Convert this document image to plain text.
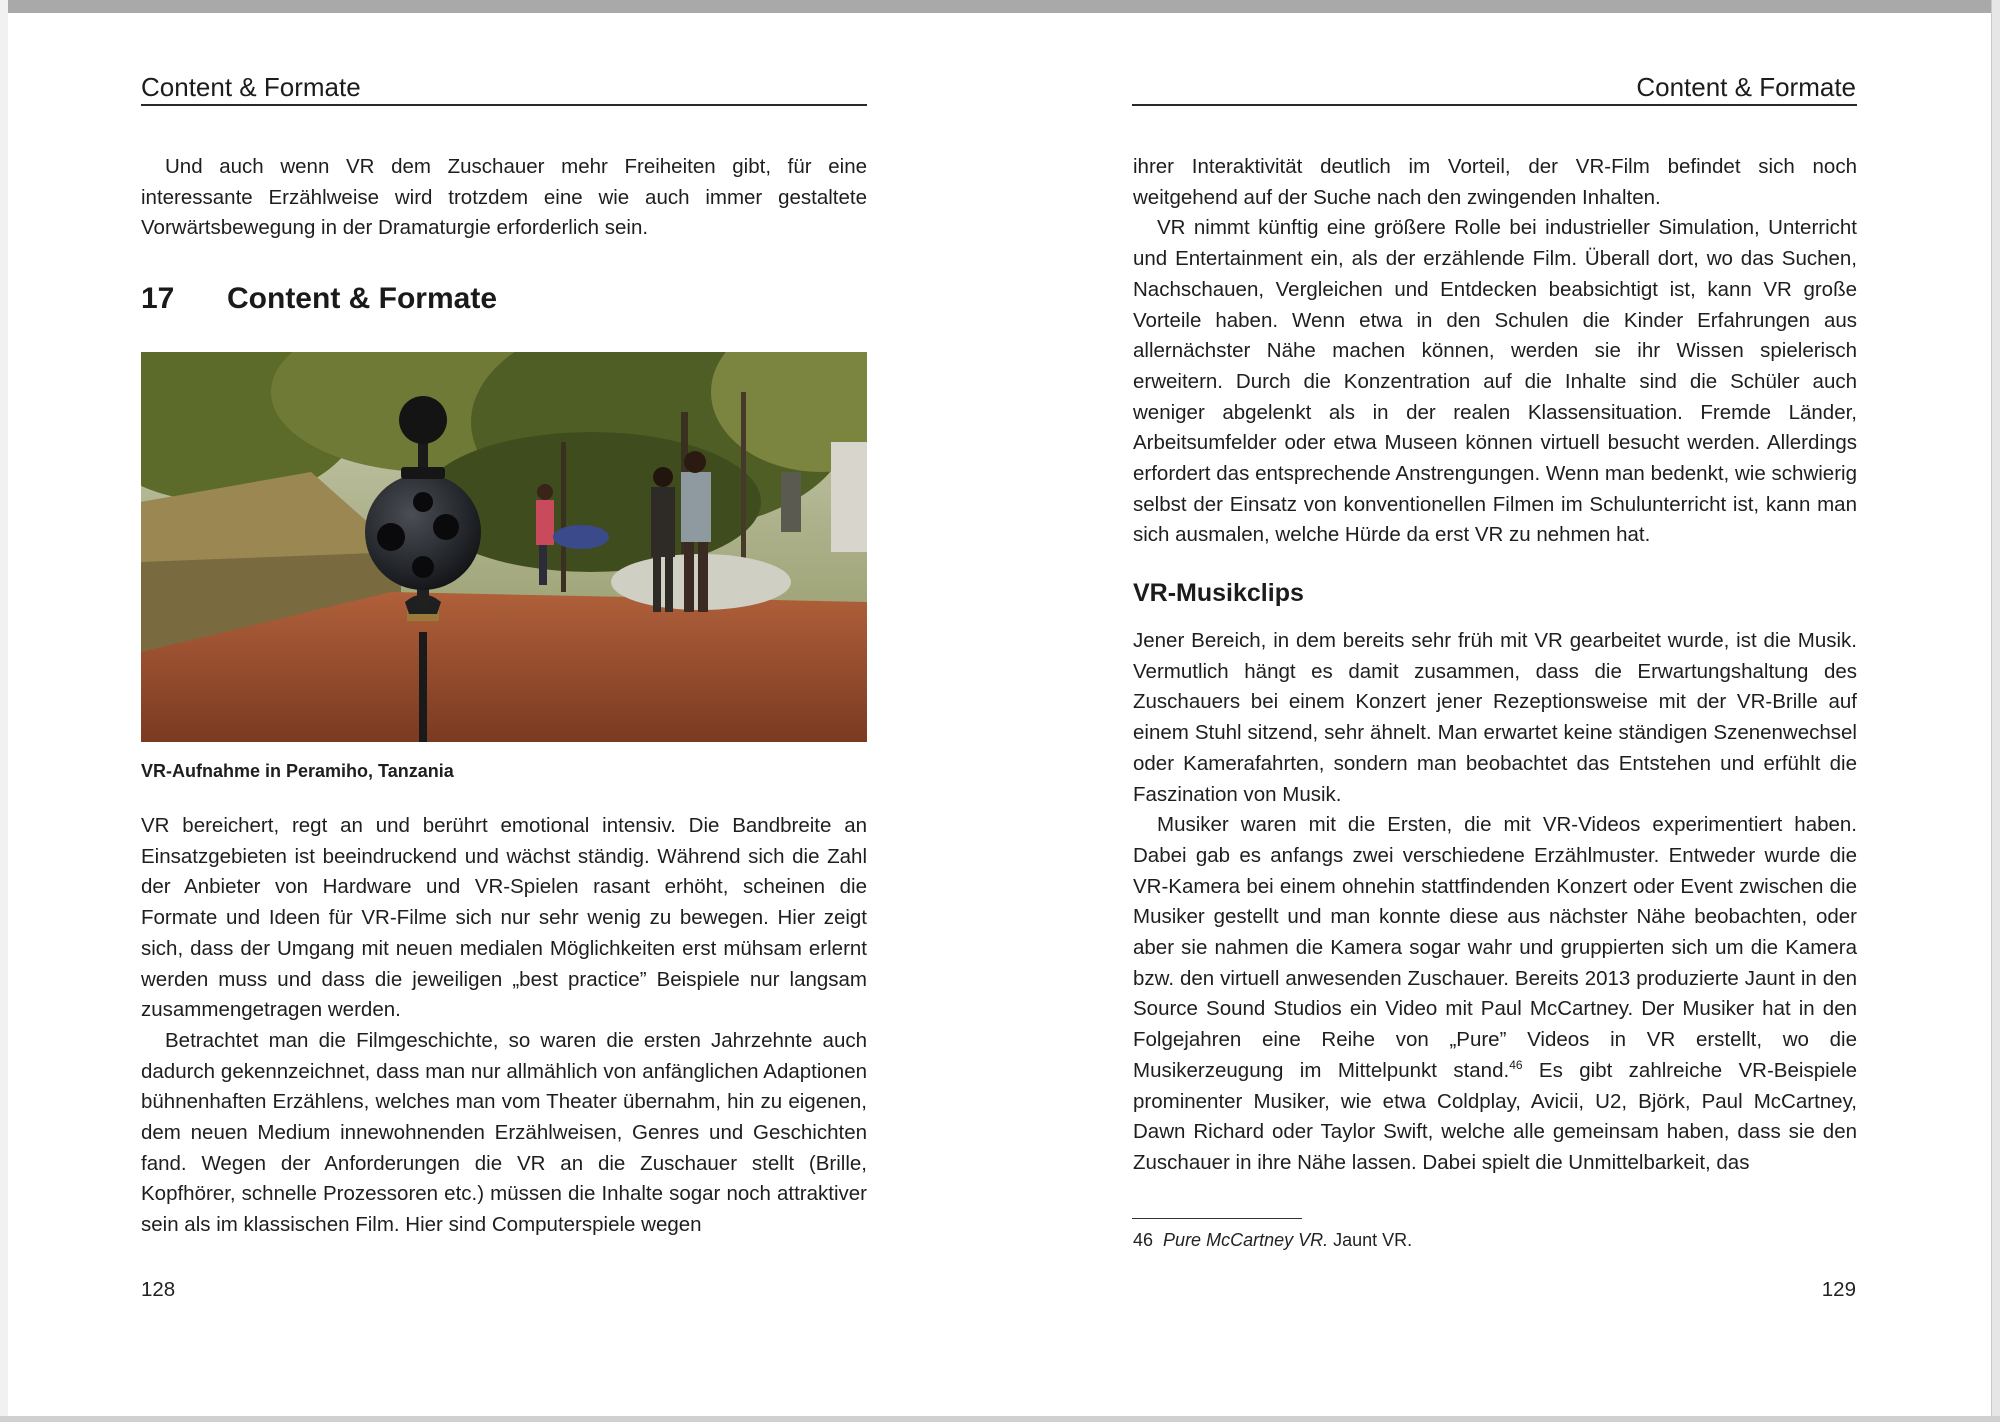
Content & Formate

Und auch wenn VR dem Zuschauer mehr Freiheiten gibt, für eine interessante Erzählweise wird trotzdem eine wie auch immer gestaltete Vorwärtsbewegung in der Dramaturgie erforderlich sein.

17 Content & Formate
VR-Aufnahme in Peramiho, Tanzania

VR bereichert, regt an und berührt emotional intensiv. Die Bandbreite an Einsatzgebieten ist beeindruckend und wächst ständig. Während sich die Zahl der Anbieter von Hardware und VR-Spielen rasant erhöht, scheinen die Formate und Ideen für VR-Filme sich nur sehr wenig zu bewegen. Hier zeigt sich, dass der Umgang mit neuen medialen Möglichkeiten erst mühsam erlernt werden muss und dass die jeweiligen „best practice” Beispiele nur langsam zusammengetragen werden.

Betrachtet man die Filmgeschichte, so waren die ersten Jahrzehnte auch dadurch gekennzeichnet, dass man nur allmählich von anfänglichen Adaptionen bühnenhaften Erzählens, welches man vom Theater übernahm, hin zu eigenen, dem neuen Medium innewohnenden Erzählweisen, Genres und Geschichten fand. Wegen der Anforderungen die VR an die Zuschauer stellt (Brille, Kopfhörer, schnelle Prozessoren etc.) müssen die Inhalte sogar noch attraktiver sein als im klassischen Film. Hier sind Computerspiele wegen

128
Content & Formate

ihrer Interaktivität deutlich im Vorteil, der VR-Film befindet sich noch weitgehend auf der Suche nach den zwingenden Inhalten.

VR nimmt künftig eine größere Rolle bei industrieller Simulation, Unterricht und Entertainment ein, als der erzählende Film. Überall dort, wo das Suchen, Nachschauen, Vergleichen und Entdecken beabsichtigt ist, kann VR große Vorteile haben. Wenn etwa in den Schulen die Kinder Erfahrungen aus allernächster Nähe machen können, werden sie ihr Wissen spielerisch erweitern. Durch die Konzentration auf die Inhalte sind die Schüler auch weniger abgelenkt als in der realen Klassensituation. Fremde Länder, Arbeitsumfelder oder etwa Museen können virtuell besucht werden. Allerdings erfordert das entsprechende Anstrengungen. Wenn man bedenkt, wie schwierig selbst der Einsatz von konventionellen Filmen im Schulunterricht ist, kann man sich ausmalen, welche Hürde da erst VR zu nehmen hat.

VR-Musikclips

Jener Bereich, in dem bereits sehr früh mit VR gearbeitet wurde, ist die Musik. Vermutlich hängt es damit zusammen, dass die Erwartungshaltung des Zuschauers bei einem Konzert jener Rezeptionsweise mit der VR-Brille auf einem Stuhl sitzend, sehr ähnelt. Man erwartet keine ständigen Szenenwechsel oder Kamerafahrten, sondern man beobachtet das Entstehen und erfühlt die Faszination von Musik.

Musiker waren mit die Ersten, die mit VR-Videos experimentiert haben. Dabei gab es anfangs zwei verschiedene Erzählmuster. Entweder wurde die VR-Kamera bei einem ohnehin stattfindenden Konzert oder Event zwischen die Musiker gestellt und man konnte diese aus nächster Nähe beobachten, oder aber sie nahmen die Kamera sogar wahr und gruppierten sich um die Kamera bzw. den virtuell anwesenden Zuschauer. Bereits 2013 produzierte Jaunt in den Source Sound Studios ein Video mit Paul McCartney. Der Musiker hat in den Folgejahren eine Reihe von „Pure” Videos in VR erstellt, wo die Musikerzeugung im Mittelpunkt stand.$^{46}$ Es gibt zahlreiche VR-Beispiele prominenter Musiker, wie etwa Coldplay, Avicii, U2, Björk, Paul McCartney, Dawn Richard oder Taylor Swift, welche alle gemeinsam haben, dass sie den Zuschauer in ihre Nähe lassen. Dabei spielt die Unmittelbarkeit, das

46 Pure McCartney VR. Jaunt VR.
129
